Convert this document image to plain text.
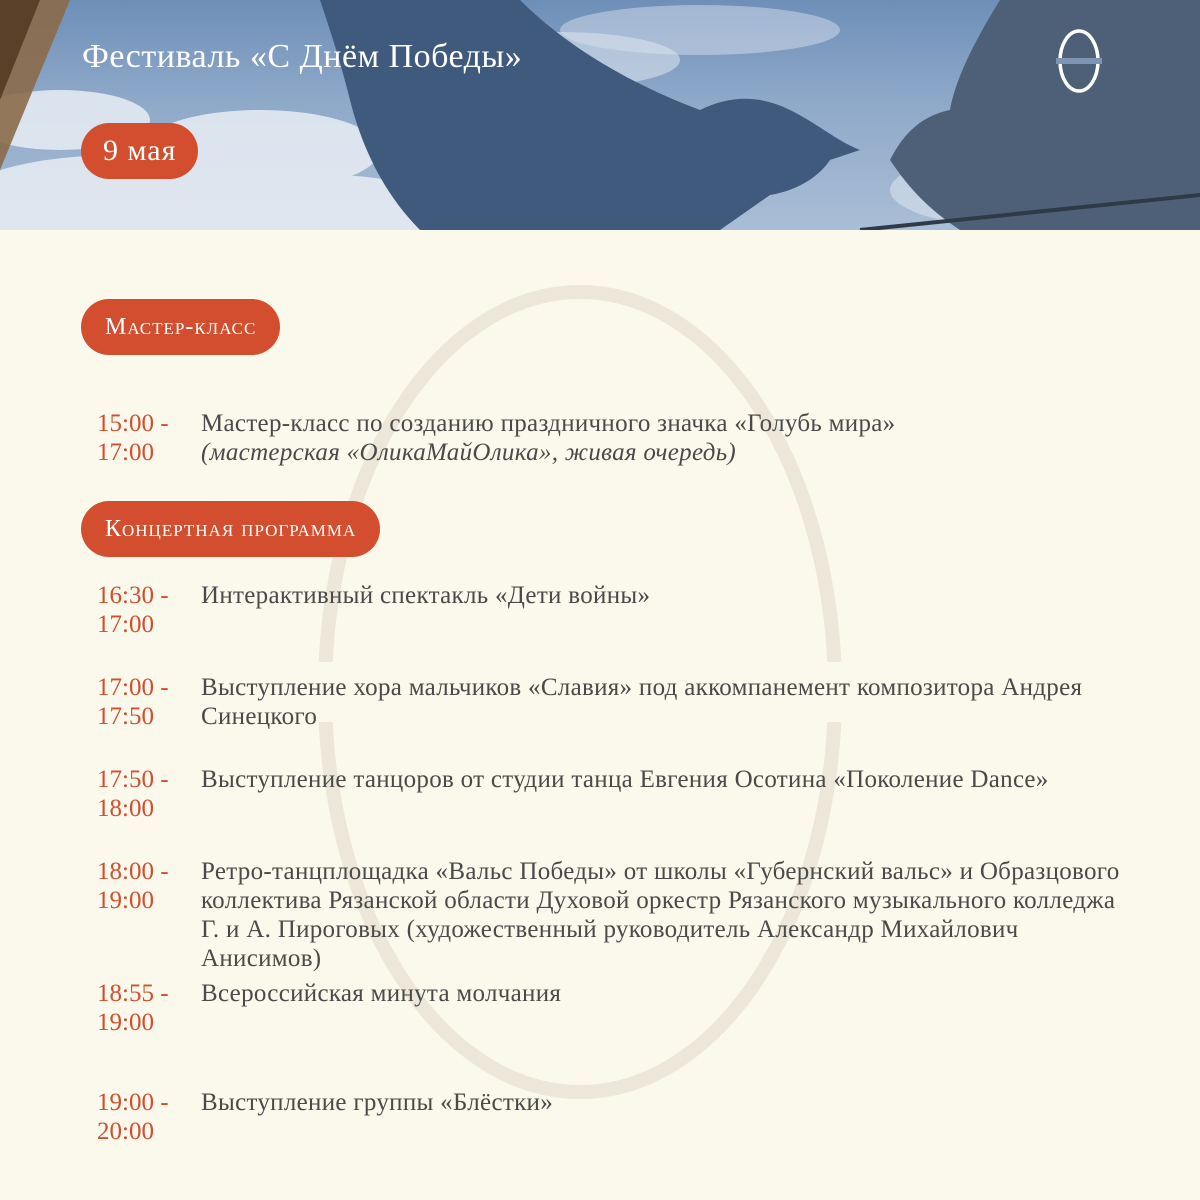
Фестиваль «С Днём Победы»
9 мая
Мастер-класс
15:00 -
17:00
Мастер-класс по созданию праздничного значка «Голубь мира»
(мастерская «ОликаМайОлика», живая очередь)
Концертная программа
16:30 -
17:00
Интерактивный спектакль «Дети войны»
17:00 -
17:50
Выступление хора мальчиков «Славия» под аккомпанемент композитора Андрея Синецкого
17:50 -
18:00
Выступление танцоров от студии танца Евгения Осотина «Поколение Dance»
18:00 -
19:00
Ретро-танцплощадка «Вальс Победы» от школы «Губернский вальс» и Образцового коллектива Рязанской области Духовой оркестр Рязанского музыкального колледжа Г. и А. Пироговых (художественный руководитель Александр Михайлович Анисимов)
18:55 -
19:00
Всероссийская минута молчания
19:00 -
20:00
Выступление группы «Блёстки»
